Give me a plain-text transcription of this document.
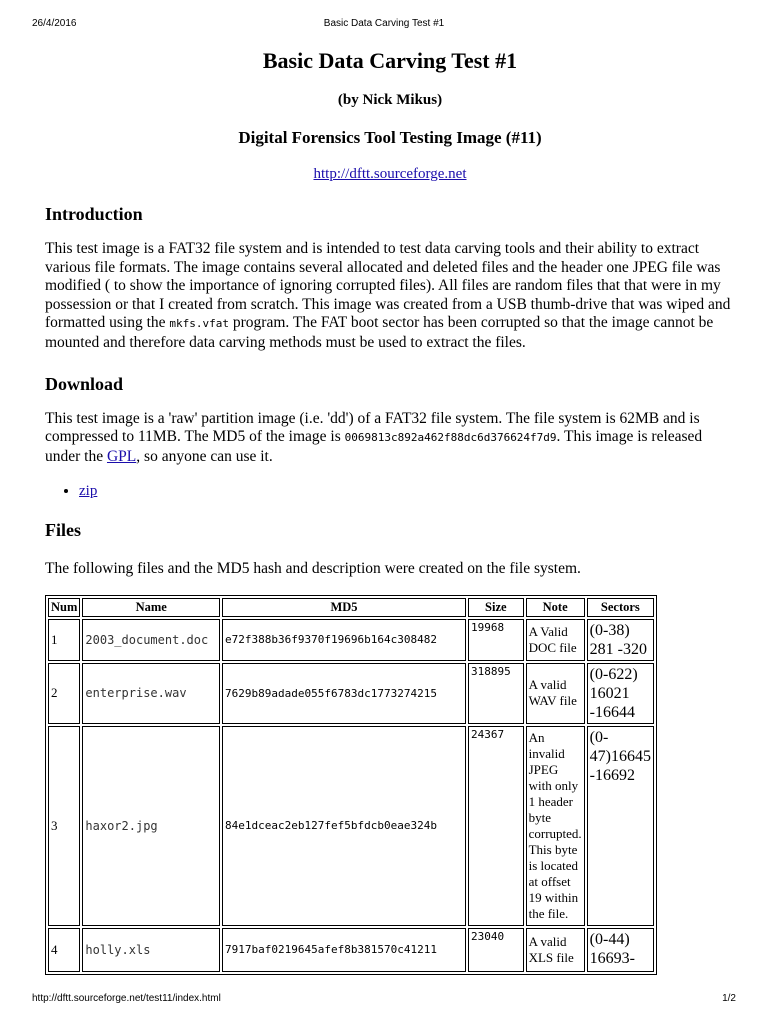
26/4/2016	Basic Data Carving Test #1
Basic Data Carving Test #1
(by Nick Mikus)
Digital Forensics Tool Testing Image (#11)
http://dftt.sourceforge.net
Introduction

This test image is a FAT32 file system and is intended to test data carving tools and their ability to extract various file formats. The image contains several allocated and deleted files and the header one JPEG file was modified ( to show the importance of ignoring corrupted files). All files are random files that that were in my possession or that I created from scratch. This image was created from a USB thumb-drive that was wiped and formatted using the mkfs.vfat program. The FAT boot sector has been corrupted so that the image cannot be mounted and therefore data carving methods must be used to extract the files.

Download

This test image is a 'raw' partition image (i.e. 'dd') of a FAT32 file system. The file system is 62MB and is compressed to 11MB. The MD5 of the image is 0069813c892a462f88dc6d376624f7d9. This image is released under the GPL, so anyone can use it.

• zip
Files

The following files and the MD5 hash and description were created on the file system.

Num	Name	MD5	Size	Note	Sectors
1	2003_document.doc	e72f388b36f9370f19696b164c308482	19968	A Valid DOC file	(0-38) 281 -320
2	enterprise.wav	7629b89adade055f6783dc1773274215	318895	A valid WAV file	(0-622) 16021 -16644
3	haxor2.jpg	84e1dceac2eb127fef5bfdcb0eae324b	24367	An invalid JPEG with only 1 header byte corrupted. This byte is located at offset 19 within the file.	(0-47)16645 -16692
4	holly.xls	7917baf0219645afef8b381570c41211	23040	A valid XLS file	(0-44) 16693-
http://dftt.sourceforge.net/test11/index.html	1/2
